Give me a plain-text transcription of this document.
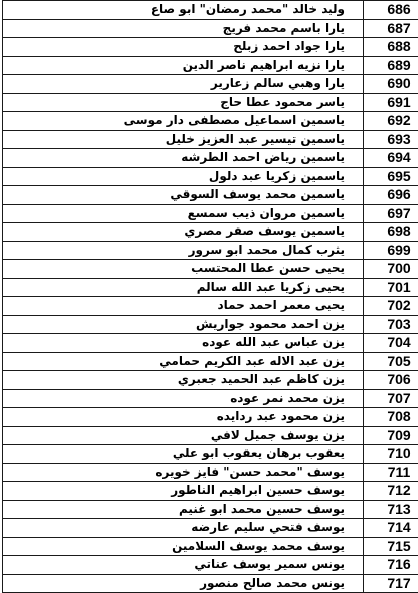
وليد خالد "محمد رمضان" ابو صاع	686
يارا باسم محمد فريج	687
يارا جواد احمد زبلح	688
يارا نزيه ابراهيم ناصر الدين	689
يارا وهبي سالم زعارير	690
ياسر محمود عطا حاج	691
ياسمين اسماعيل مصطفى دار موسى	692
ياسمين تيسير عبد العزيز خليل	693
ياسمين رياض احمد الطرشه	694
ياسمين زكريا عبد دلول	695
ياسمين محمد يوسف السوقي	696
ياسمين مروان ذيب سمسع	697
ياسمين يوسف صقر مصري	698
يثرب كمال محمد ابو سرور	699
يحيى حسن عطا المحتسب	700
يحيى زكريا عبد الله سالم	701
يحيى معمر احمد حماد	702
يزن احمد محمود جواريش	703
يزن عباس عبد الله عوده	704
يزن عبد الاله عبد الكريم حمامي	705
يزن كاظم عبد الحميد جعبري	706
يزن محمد نمر عوده	707
يزن محمود عبد ردايده	708
يزن يوسف جميل لافي	709
يعقوب برهان يعقوب ابو علي	710
يوسف "محمد حسن" فايز خويره	711
يوسف حسين ابراهيم الناطور	712
يوسف حسين محمد ابو غنيم	713
يوسف فتحي سليم عارضه	714
يوسف محمد يوسف السلامين	715
يونس سمير يوسف عناتي	716
يونس محمد صالح منصور	717
